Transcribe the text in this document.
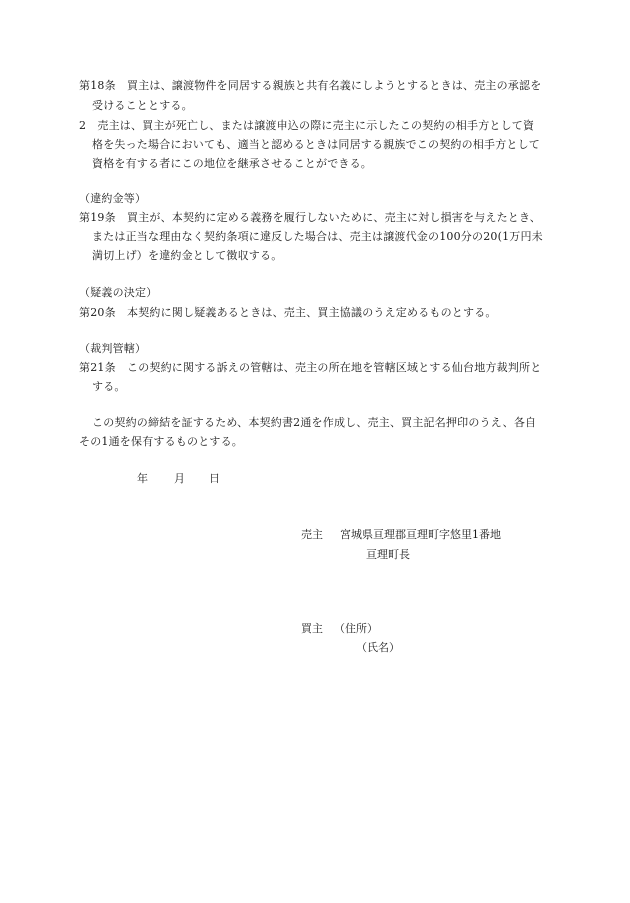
第18条　買主は、譲渡物件を同居する親族と共有名義にしようとするときは、売主の承認を
受けることとする。
2　売主は、買主が死亡し、または譲渡申込の際に売主に示したこの契約の相手方として資
格を失った場合においても、適当と認めるときは同居する親族でこの契約の相手方として
資格を有する者にこの地位を継承させることができる。
（違約金等）
第19条　買主が、本契約に定める義務を履行しないために、売主に対し損害を与えたとき、
または正当な理由なく契約条項に違反した場合は、売主は譲渡代金の100分の20(1万円未
満切上げ）を違約金として徴収する。
（疑義の決定）
第20条　本契約に関し疑義あるときは、売主、買主協議のうえ定めるものとする。
（裁判管轄）
第21条　この契約に関する訴えの管轄は、売主の所在地を管轄区域とする仙台地方裁判所と
する。
この契約の締結を証するため、本契約書2通を作成し、売主、買主記名押印のうえ、各自
その1通を保有するものとする。
年 月 日
売主 宮城県亘理郡亘理町字悠里1番地
亘理町長
買主 （住所）
（氏名）
